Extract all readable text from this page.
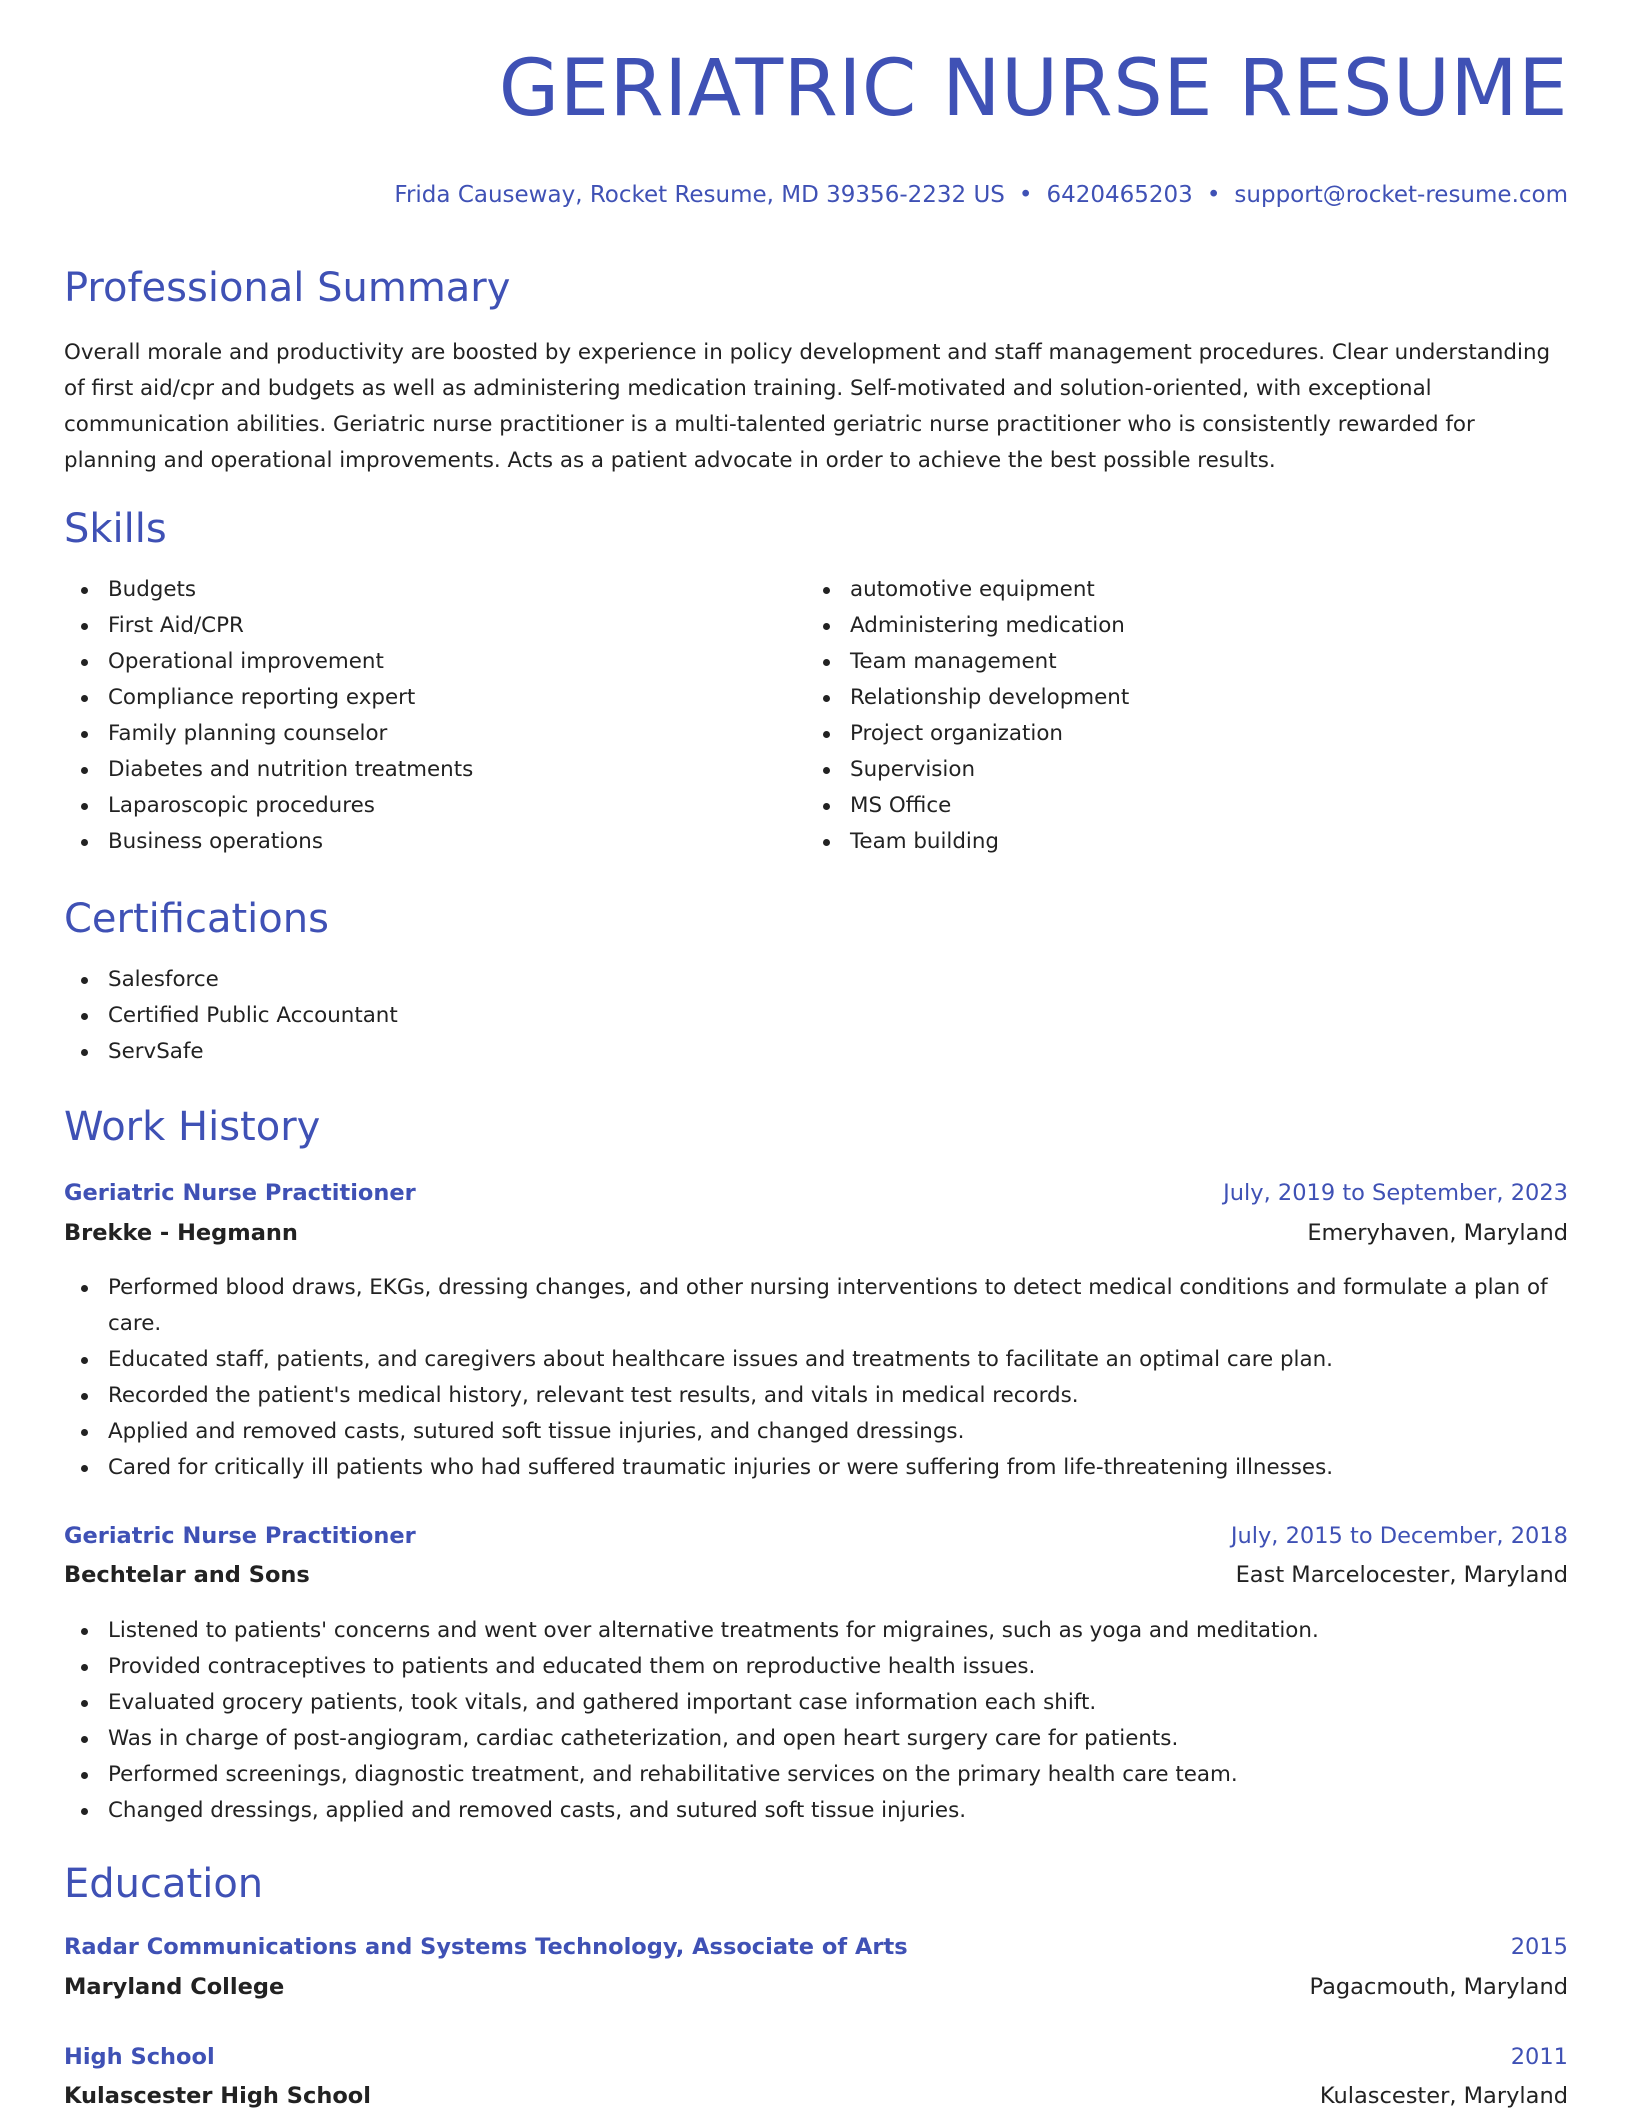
GERIATRIC NURSE RESUME
Frida Causeway, Rocket Resume, MD 39356-2232 US • 6420465203 • support@rocket-resume.com
Professional Summary

Overall morale and productivity are boosted by experience in policy development and staff management procedures. Clear understanding of first aid/cpr and budgets as well as administering medication training. Self-motivated and solution-oriented, with exceptional communication abilities. Geriatric nurse practitioner is a multi-talented geriatric nurse practitioner who is consistently rewarded for planning and operational improvements. Acts as a patient advocate in order to achieve the best possible results.

Skills
Budgets
First Aid/CPR
Operational improvement
Compliance reporting expert
Family planning counselor
Diabetes and nutrition treatments
Laparoscopic procedures
Business operations
automotive equipment
Administering medication
Team management
Relationship development
Project organization
Supervision
MS Office
Team building
Certifications
Salesforce
Certified Public Accountant
ServSafe
Work History
Geriatric Nurse Practitioner	July, 2019 to September, 2023
Brekke - Hegmann	Emeryhaven, Maryland
Performed blood draws, EKGs, dressing changes, and other nursing interventions to detect medical conditions and formulate a plan of care.
Educated staff, patients, and caregivers about healthcare issues and treatments to facilitate an optimal care plan.
Recorded the patient's medical history, relevant test results, and vitals in medical records.
Applied and removed casts, sutured soft tissue injuries, and changed dressings.
Cared for critically ill patients who had suffered traumatic injuries or were suffering from life-threatening illnesses.
Geriatric Nurse Practitioner	July, 2015 to December, 2018
Bechtelar and Sons	East Marcelocester, Maryland
Listened to patients' concerns and went over alternative treatments for migraines, such as yoga and meditation.
Provided contraceptives to patients and educated them on reproductive health issues.
Evaluated grocery patients, took vitals, and gathered important case information each shift.
Was in charge of post-angiogram, cardiac catheterization, and open heart surgery care for patients.
Performed screenings, diagnostic treatment, and rehabilitative services on the primary health care team.
Changed dressings, applied and removed casts, and sutured soft tissue injuries.
Education
Radar Communications and Systems Technology, Associate of Arts	2015
Maryland College	Pagacmouth, Maryland
High School	2011
Kulascester High School	Kulascester, Maryland
